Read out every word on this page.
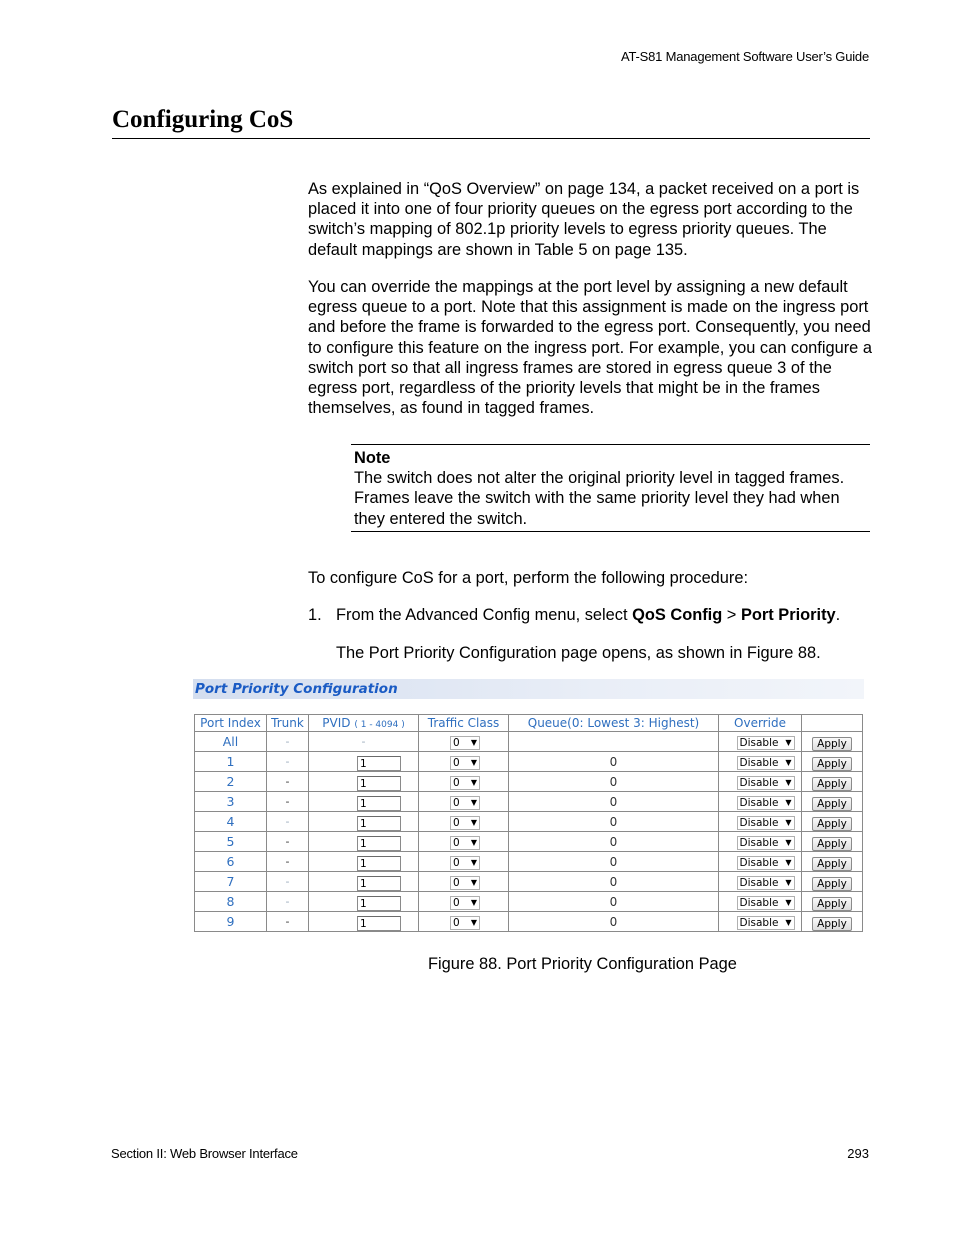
AT-S81 Management Software User’s Guide
Configuring CoS

As explained in “QoS Overview” on page 134, a packet received on a port is placed it into one of four priority queues on the egress port according to the switch’s mapping of 802.1p priority levels to egress priority queues. The default mappings are shown in Table 5 on page 135.

You can override the mappings at the port level by assigning a new default egress queue to a port. Note that this assignment is made on the ingress port and before the frame is forwarded to the egress port. Consequently, you need to configure this feature on the ingress port. For example, you can configure a switch port so that all ingress frames are stored in egress queue 3 of the egress port, regardless of the priority levels that might be in the frames themselves, as found in tagged frames.

Note
The switch does not alter the original priority level in tagged frames. Frames leave the switch with the same priority level they had when they entered the switch.

To configure CoS for a port, perform the following procedure:

1. From the Advanced Config menu, select QoS Config > Port Priority.

The Port Priority Configuration page opens, as shown in Figure 88.

Port Priority Configuration
Port Index	Trunk	PVID ( 1 - 4094 )	Traffic Class	Queue(0: Lowest 3: Highest)	Override	
All	-	-	0 ▼		Disable ▼	Apply
1	-	1	0 ▼	0	Disable ▼	Apply
2	-	1	0 ▼	0	Disable ▼	Apply
3	-	1	0 ▼	0	Disable ▼	Apply
4	-	1	0 ▼	0	Disable ▼	Apply
5	-	1	0 ▼	0	Disable ▼	Apply
6	-	1	0 ▼	0	Disable ▼	Apply
7	-	1	0 ▼	0	Disable ▼	Apply
8	-	1	0 ▼	0	Disable ▼	Apply
9	-	1	0 ▼	0	Disable ▼	Apply
Figure 88. Port Priority Configuration Page
Section II: Web Browser Interface	293
